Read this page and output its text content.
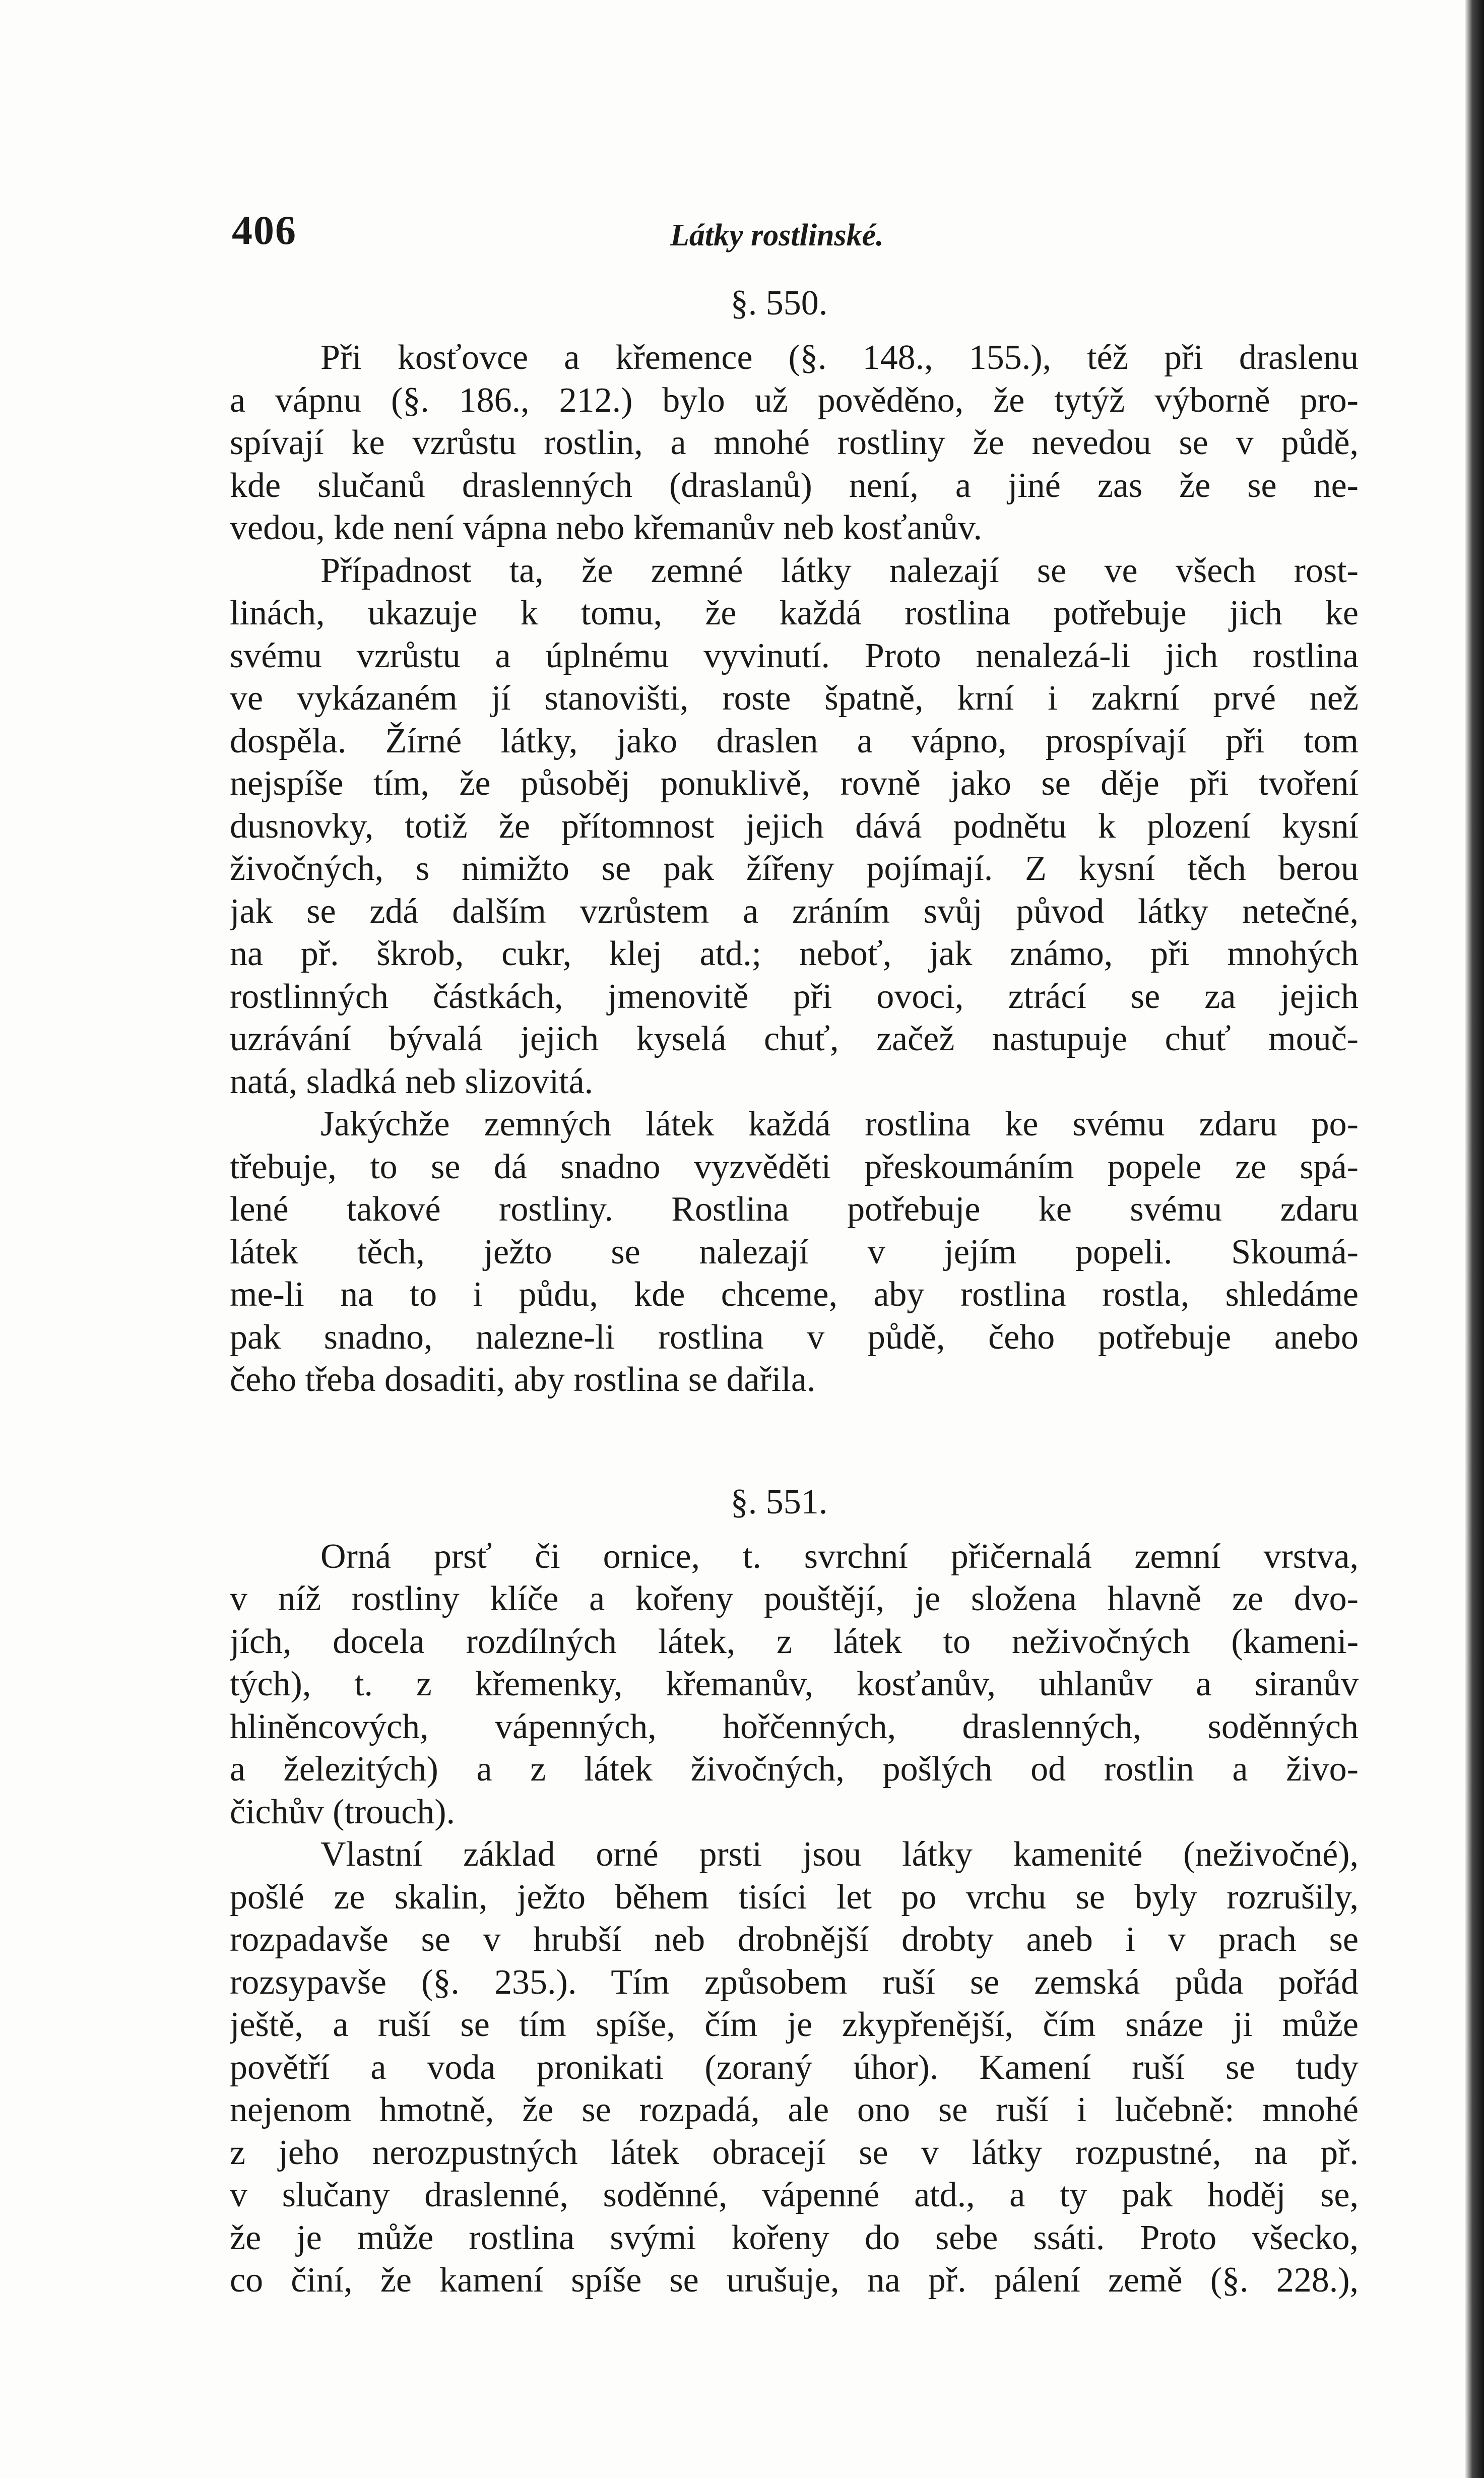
406	Látky rostlinské.
§. 550.
Při kosťovce a křemence (§. 148., 155.), též při draslenu
a vápnu (§. 186., 212.) bylo už pověděno, že tytýž výborně pro-
spívají ke vzrůstu rostlin, a mnohé rostliny že nevedou se v půdě,
kde slučanů draslenných (draslanů) není, a jiné zas že se ne-
vedou, kde není vápna nebo křemanův neb kosťanův.
Případnost ta, že zemné látky nalezají se ve všech rost-
linách, ukazuje k tomu, že každá rostlina potřebuje jich ke
svému vzrůstu a úplnému vyvinutí. Proto nenalezá-li jich rostlina
ve vykázaném jí stanovišti, roste špatně, krní i zakrní prvé než
dospěla. Žírné látky, jako draslen a vápno, prospívají při tom
nejspíše tím, že působěj ponuklivě, rovně jako se děje při tvoření
dusnovky, totiž že přítomnost jejich dává podnětu k plození kysní
živočných, s nimižto se pak žířeny pojímají. Z kysní těch berou
jak se zdá dalším vzrůstem a zráním svůj původ látky netečné,
na př. škrob, cukr, klej atd.; neboť, jak známo, při mnohých
rostlinných částkách, jmenovitě při ovoci, ztrácí se za jejich
uzrávání bývalá jejich kyselá chuť, začež nastupuje chuť mouč-
natá, sladká neb slizovitá.
Jakýchže zemných látek každá rostlina ke svému zdaru po-
třebuje, to se dá snadno vyzvěděti přeskoumáním popele ze spá-
lené takové rostliny. Rostlina potřebuje ke svému zdaru
látek těch, ježto se nalezají v jejím popeli. Skoumá-
me-li na to i půdu, kde chceme, aby rostlina rostla, shledáme
pak snadno, nalezne-li rostlina v půdě, čeho potřebuje anebo
čeho třeba dosaditi, aby rostlina se dařila.
§. 551.
Orná prsť či ornice, t. svrchní přičernalá zemní vrstva,
v níž rostliny klíče a kořeny pouštějí, je složena hlavně ze dvo-
jích, docela rozdílných látek, z látek to neživočných (kameni-
tých), t. z křemenky, křemanův, kosťanův, uhlanův a siranův
hliněncových, vápenných, hořčenných, draslenných, soděnných
a železitých) a z látek živočných, pošlých od rostlin a živo-
čichův (trouch).
Vlastní základ orné prsti jsou látky kamenité (neživočné),
pošlé ze skalin, ježto během tisíci let po vrchu se byly rozrušily,
rozpadavše se v hrubší neb drobnější drobty aneb i v prach se
rozsypavše (§. 235.). Tím způsobem ruší se zemská půda pořád
ještě, a ruší se tím spíše, čím je zkypřenější, čím snáze ji může
povětří a voda pronikati (zoraný úhor). Kamení ruší se tudy
nejenom hmotně, že se rozpadá, ale ono se ruší i lučebně: mnohé
z jeho nerozpustných látek obracejí se v látky rozpustné, na př.
v slučany draslenné, soděnné, vápenné atd., a ty pak hoděj se,
že je může rostlina svými kořeny do sebe ssáti. Proto všecko,
co činí, že kamení spíše se urušuje, na př. pálení země (§. 228.),
